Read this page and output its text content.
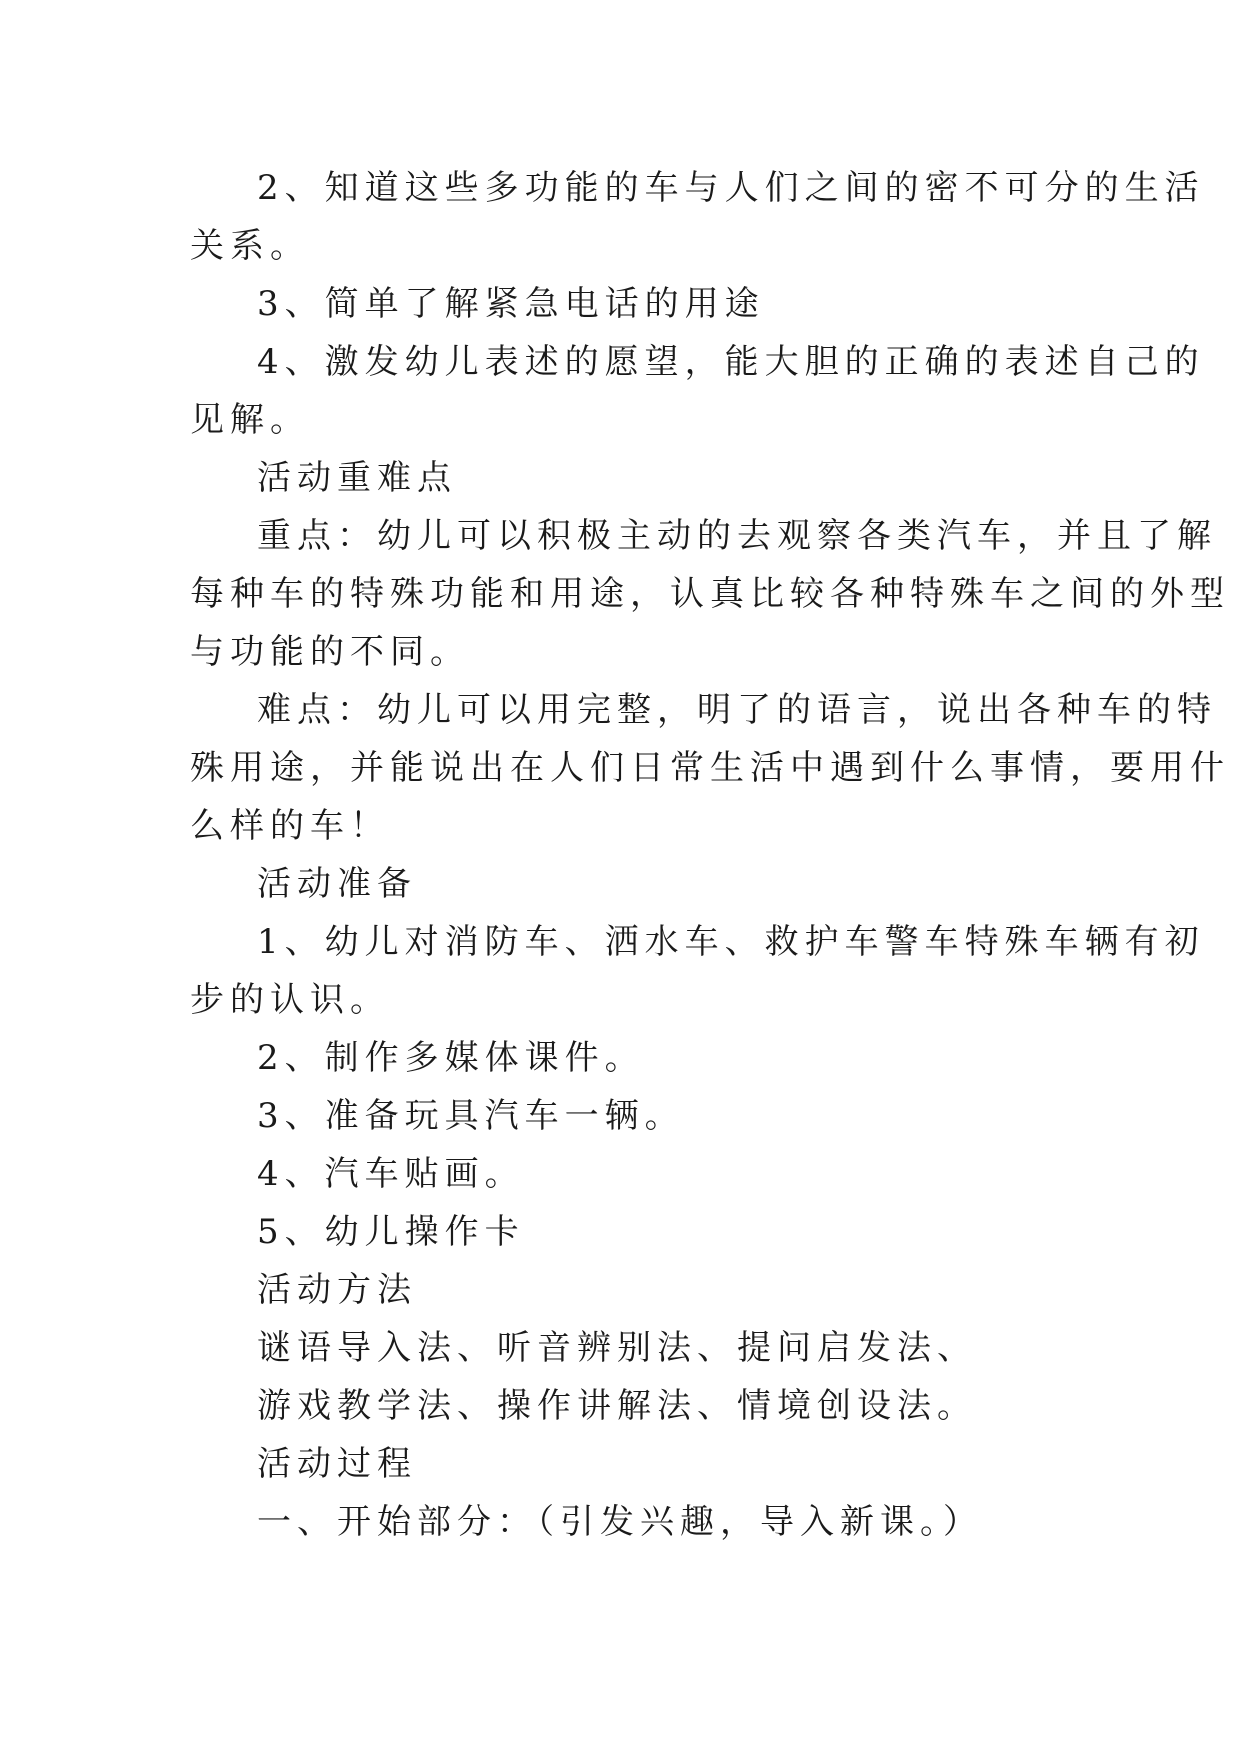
2、知道这些多功能的车与人们之间的密不可分的生活
关系。
3、简单了解紧急电话的用途
4、激发幼儿表述的愿望，能大胆的正确的表述自己的
见解。
活动重难点
重点：幼儿可以积极主动的去观察各类汽车，并且了解
每种车的特殊功能和用途，认真比较各种特殊车之间的外型
与功能的不同。
难点：幼儿可以用完整，明了的语言，说出各种车的特
殊用途，并能说出在人们日常生活中遇到什么事情，要用什
么样的车！
活动准备
1、幼儿对消防车、洒水车、救护车警车特殊车辆有初
步的认识。
2、制作多媒体课件。
3、准备玩具汽车一辆。
4、汽车贴画。
5、幼儿操作卡
活动方法
谜语导入法、听音辨别法、提问启发法、
游戏教学法、操作讲解法、情境创设法。
活动过程
一、开始部分：（引发兴趣，导入新课。）
